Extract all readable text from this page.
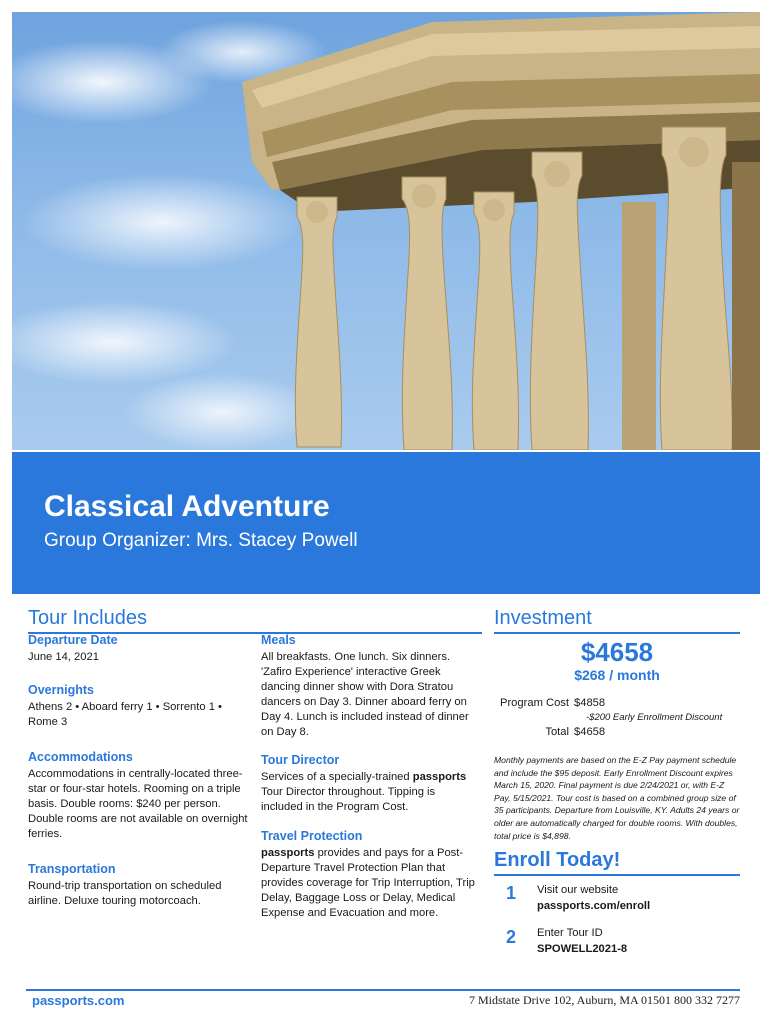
Classical Adventure
Group Organizer: Mrs. Stacey Powell
Tour Includes

Departure Date

June 14, 2021

Overnights

Athens 2 • Aboard ferry 1 • Sorrento 1 • Rome 3

Accommodations

Accommodations in centrally-located three-star or four-star hotels. Rooming on a triple basis. Double rooms: $240 per person. Double rooms are not available on overnight ferries.

Transportation

Round-trip transportation on scheduled airline. Deluxe touring motorcoach.

Meals

All breakfasts. One lunch. Six dinners. 'Zafiro Experience' interactive Greek dancing dinner show with Dora Stratou dancers on Day 3. Dinner aboard ferry on Day 4. Lunch is included instead of dinner on Day 8.

Tour Director

Services of a specially-trained passports Tour Director throughout. Tipping is included in the Program Cost.

Travel Protection

passports provides and pays for a Post-Departure Travel Protection Plan that provides coverage for Trip Interruption, Trip Delay, Baggage Loss or Delay, Medical Expense and Evacuation and more.

Investment
$4658
$268 / month
Program Cost $4858
-$200 Early Enrollment Discount
Total $4658
Monthly payments are based on the E-Z Pay payment schedule and include the $95 deposit. Early Enrollment Discount expires March 15, 2020. Final payment is due 2/24/2021 or, with E-Z Pay, 5/15/2021. Tour cost is based on a combined group size of 35 participants. Departure from Louisville, KY. Adults 24 years or older are automatically charged for double rooms. With doubles, total price is $4,898.
Enroll Today!
1 Visit our website
passports.com/enroll
2 Enter Tour ID
SPOWELL2021-8
passports.com	7 Midstate Drive 102, Auburn, MA 01501 800 332 7277
